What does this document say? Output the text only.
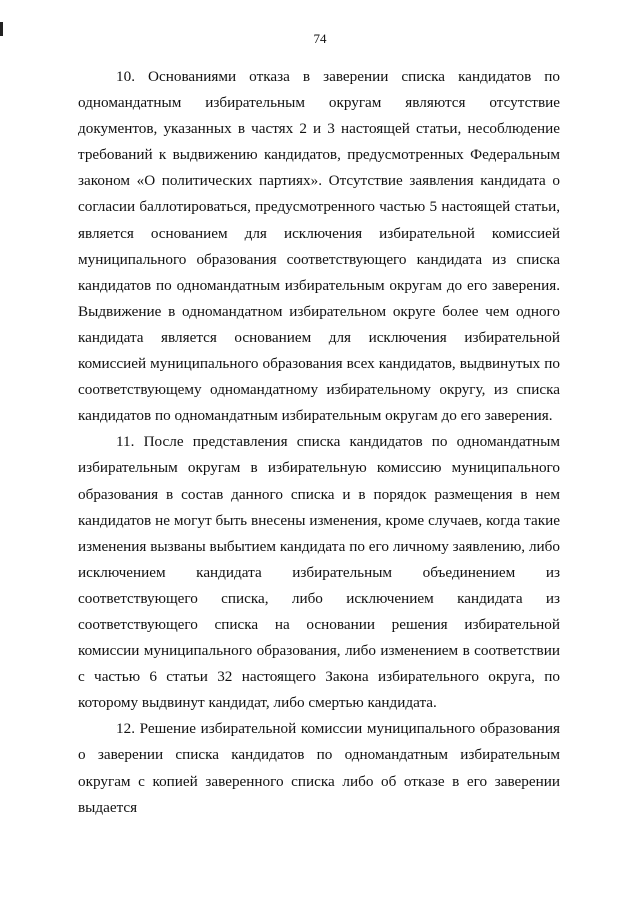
74

10. Основаниями отказа в заверении списка кандидатов по одномандатным избирательным округам являются отсутствие документов, указанных в частях 2 и 3 настоящей статьи, несоблюдение требований к выдвижению кандидатов, предусмотренных Федеральным законом «О политических партиях». Отсутствие заявления кандидата о согласии баллотироваться, предусмотренного частью 5 настоящей статьи, является основанием для исключения избирательной комиссией муниципального образования соответствующего кандидата из списка кандидатов по одномандатным избирательным округам до его заверения. Выдвижение в одномандатном избирательном округе более чем одного кандидата является основанием для исключения избирательной комиссией муниципального образования всех кандидатов, выдвинутых по соответствующему одномандатному избирательному округу, из списка кандидатов по одномандатным избирательным округам до его заверения.

11. После представления списка кандидатов по одномандатным избирательным округам в избирательную комиссию муниципального образования в состав данного списка и в порядок размещения в нем кандидатов не могут быть внесены изменения, кроме случаев, когда такие изменения вызваны выбытием кандидата по его личному заявлению, либо исключением кандидата избирательным объединением из соответствующего списка, либо исключением кандидата из соответствующего списка на основании решения избирательной комиссии муниципального образования, либо изменением в соответствии с частью 6 статьи 32 настоящего Закона избирательного округа, по которому выдвинут кандидат, либо смертью кандидата.

12. Решение избирательной комиссии муниципального образования о заверении списка кандидатов по одномандатным избирательным округам с копией заверенного списка либо об отказе в его заверении выдается
